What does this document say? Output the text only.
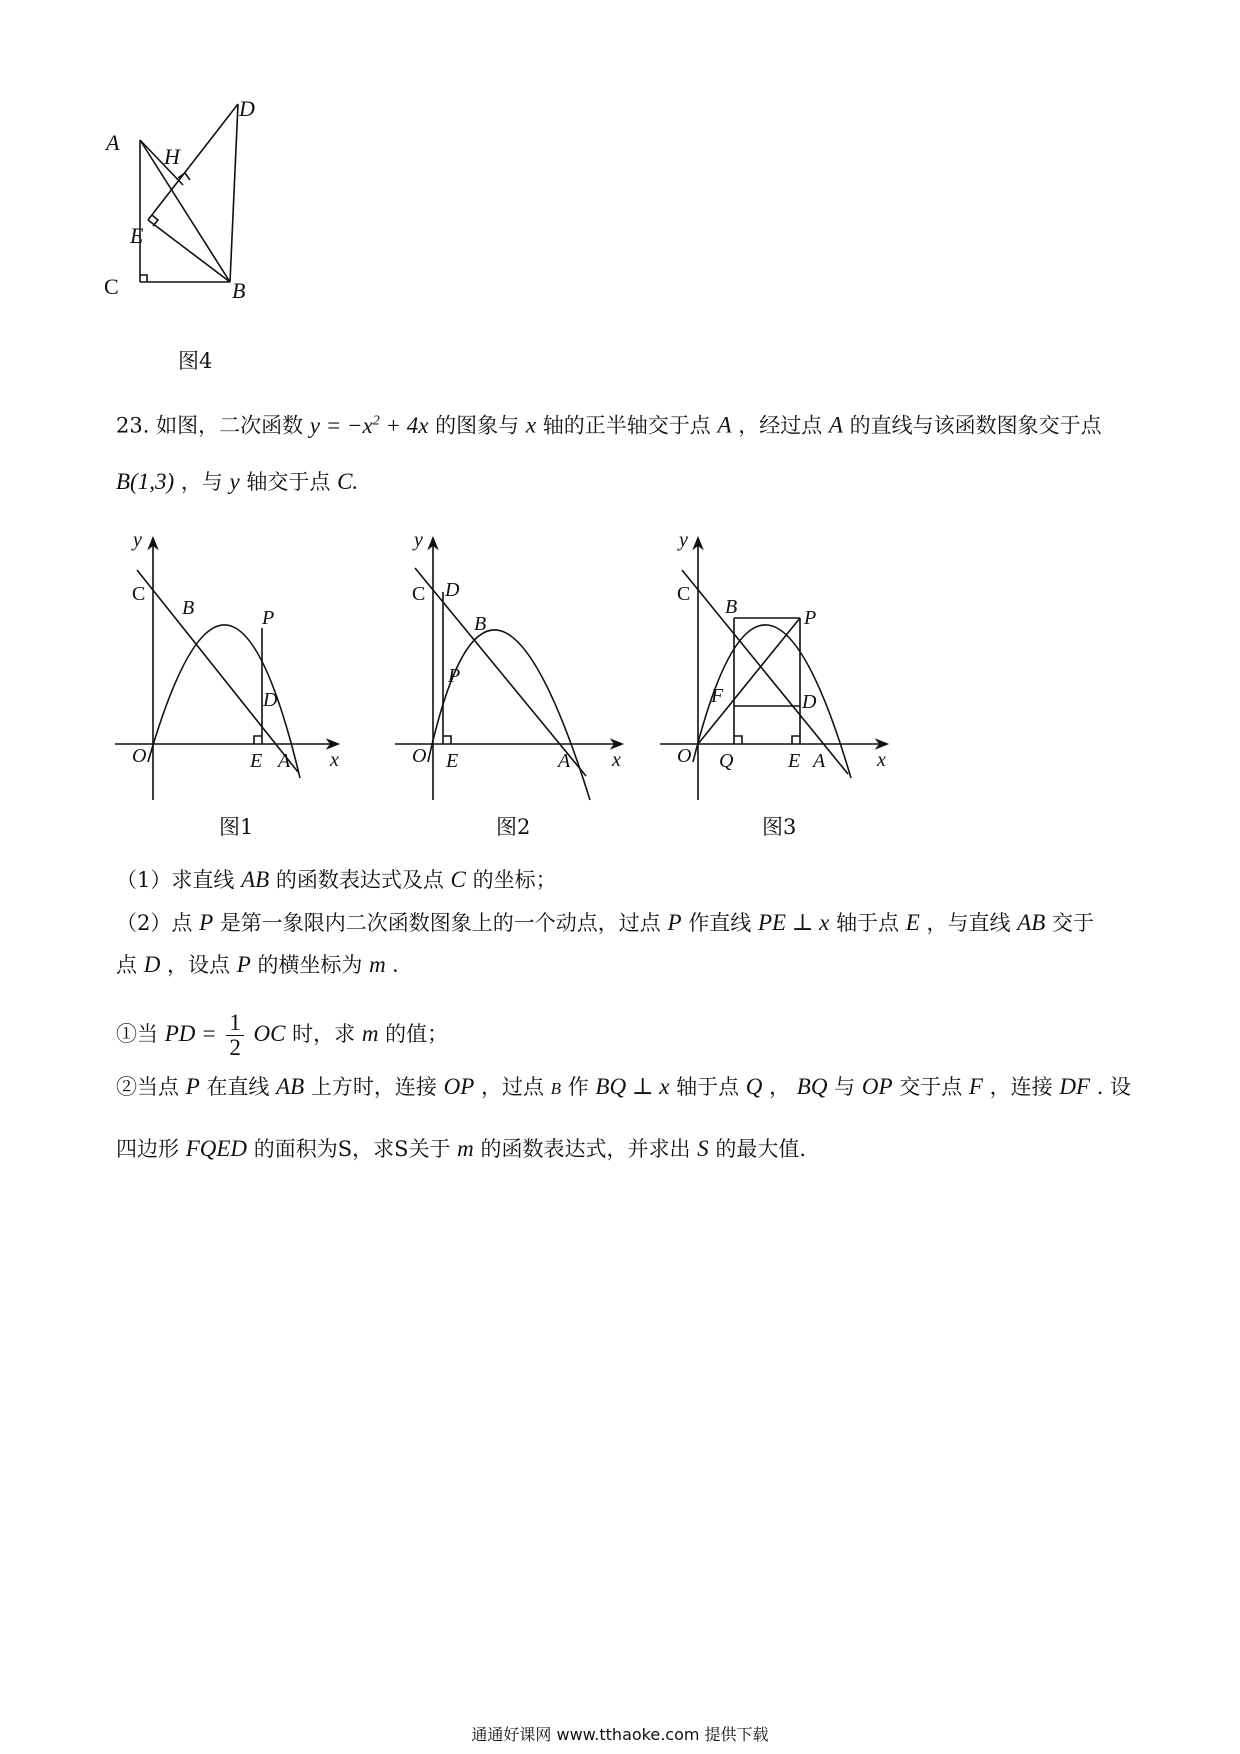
A
H
D
E
C	B
图4
23. 如图，二次函数 $y = -x^2 + 4x$ 的图象与 x 轴的正半轴交于点 A ，经过点 A 的直线与该函数图象交于点
B(1,3) ，与 y 轴交于点 C.
y
x
O
C
B	P
D
E A
图1
y
x
O
C D
B
P
E	A
图2
y
x
O
C
B	P
F	D
Q	E A
图3
（1）求直线 AB 的函数表达式及点 C 的坐标；
（2）点 P 是第一象限内二次函数图象上的一个动点，过点 P 作直线 PE ⊥ x 轴于点 E ，与直线 AB 交于
点 D ，设点 P 的横坐标为 m .
①当 PD = $\frac{1}{2}$ OC 时，求 m 的值；
②当点 P 在直线 AB 上方时，连接 OP ，过点 B 作 BQ ⊥ x 轴于点 Q ， BQ 与 OP 交于点 F ，连接 DF . 设
四边形 FQED 的面积为S，求S关于 m 的函数表达式，并求出 S 的最大值.
通通好课网 www.tthaoke.com 提供下载
